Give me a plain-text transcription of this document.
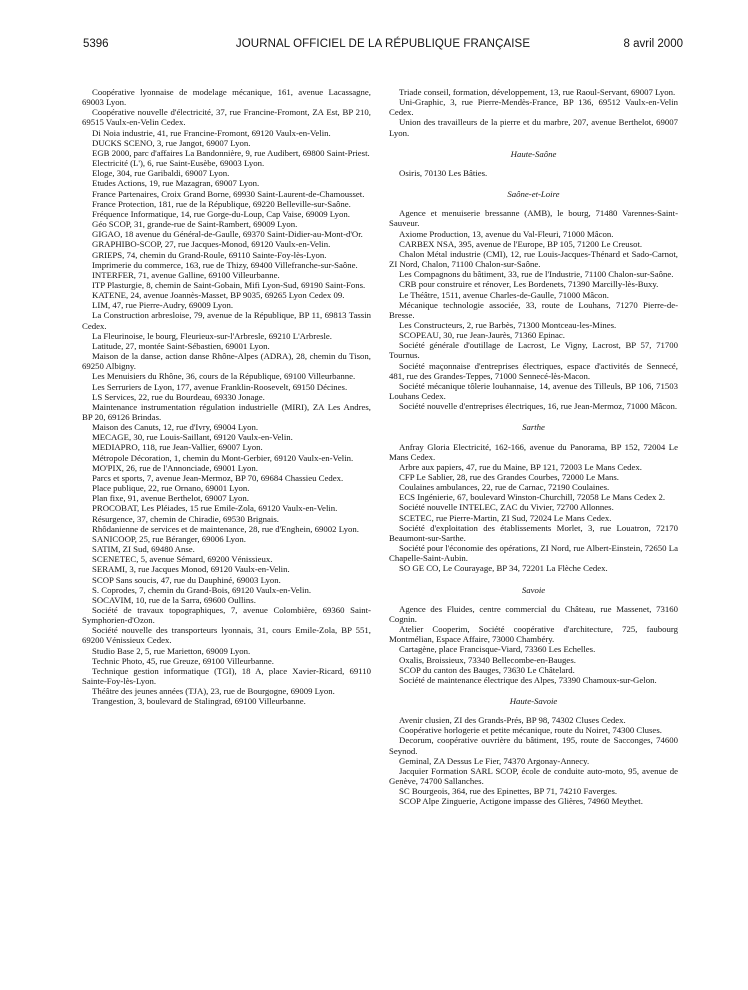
5396	JOURNAL OFFICIEL DE LA RÉPUBLIQUE FRANÇAISE	8 avril 2000

Coopérative lyonnaise de modelage mécanique, 161, avenue Lacassagne, 69003 Lyon.

Coopérative nouvelle d'électricité, 37, rue Francine-Fromont, ZA Est, BP 210, 69515 Vaulx-en-Velin Cedex.

Di Noia industrie, 41, rue Francine-Fromont, 69120 Vaulx-en-Velin.

DUCKS SCENO, 3, rue Jangot, 69007 Lyon.

EGB 2000, parc d'affaires La Bandonnière, 9, rue Audibert, 69800 Saint-Priest.

Electricité (L'), 6, rue Saint-Eusèbe, 69003 Lyon.

Eloge, 304, rue Garibaldi, 69007 Lyon.

Etudes Actions, 19, rue Mazagran, 69007 Lyon.

France Partenaires, Croix Grand Borne, 69930 Saint-Laurent-de-Chamousset.

France Protection, 181, rue de la République, 69220 Belleville-sur-Saône.

Fréquence Informatique, 14, rue Gorge-du-Loup, Cap Vaise, 69009 Lyon.

Géo SCOP, 31, grande-rue de Saint-Rambert, 69009 Lyon.

GIGAO, 18 avenue du Général-de-Gaulle, 69370 Saint-Didier-au-Mont-d'Or.

GRAPHIBO-SCOP, 27, rue Jacques-Monod, 69120 Vaulx-en-Velin.

GRIEPS, 74, chemin du Grand-Roule, 69110 Sainte-Foy-lès-Lyon.

Imprimerie du commerce, 163, rue de Thizy, 69400 Villefranche-sur-Saône.

INTERFER, 71, avenue Galline, 69100 Villeurbanne.

ITP Plasturgie, 8, chemin de Saint-Gobain, Mifi Lyon-Sud, 69190 Saint-Fons.

KATENE, 24, avenue Joannès-Masset, BP 9035, 69265 Lyon Cedex 09.

LIM, 47, rue Pierre-Audry, 69009 Lyon.

La Construction arbresloise, 79, avenue de la République, BP 11, 69813 Tassin Cedex.

La Fleurinoise, le bourg, Fleurieux-sur-l'Arbresle, 69210 L'Arbresle.

Latitude, 27, montée Saint-Sébastien, 69001 Lyon.

Maison de la danse, action danse Rhône-Alpes (ADRA), 28, chemin du Tison, 69250 Albigny.

Les Menuisiers du Rhône, 36, cours de la République, 69100 Villeurbanne.

Les Serruriers de Lyon, 177, avenue Franklin-Roosevelt, 69150 Décines.

LS Services, 22, rue du Bourdeau, 69330 Jonage.

Maintenance instrumentation régulation industrielle (MIRI), ZA Les Andres, BP 20, 69126 Brindas.

Maison des Canuts, 12, rue d'Ivry, 69004 Lyon.

MECAGE, 30, rue Louis-Saillant, 69120 Vaulx-en-Velin.

MEDIAPRO, 118, rue Jean-Vallier, 69007 Lyon.

Métropole Décoration, 1, chemin du Mont-Gerbier, 69120 Vaulx-en-Velin.

MO'PIX, 26, rue de l'Annonciade, 69001 Lyon.

Parcs et sports, 7, avenue Jean-Mermoz, BP 70, 69684 Chassieu Cedex.

Place publique, 22, rue Ornano, 69001 Lyon.

Plan fixe, 91, avenue Berthelot, 69007 Lyon.

PROCOBAT, Les Pléiades, 15 rue Emile-Zola, 69120 Vaulx-en-Velin.

Résurgence, 37, chemin de Chiradie, 69530 Brignais.

Rhôdanienne de services et de maintenance, 28, rue d'Enghein, 69002 Lyon.

SANICOOP, 25, rue Béranger, 69006 Lyon.

SATIM, ZI Sud, 69480 Anse.

SCENETEC, 5, avenue Sémard, 69200 Vénissieux.

SERAMI, 3, rue Jacques Monod, 69120 Vaulx-en-Velin.

SCOP Sans soucis, 47, rue du Dauphiné, 69003 Lyon.

S. Coprodes, 7, chemin du Grand-Bois, 69120 Vaulx-en-Velin.

SOCAVIM, 10, rue de la Sarra, 69600 Oullins.

Société de travaux topographiques, 7, avenue Colombière, 69360 Saint-Symphorien-d'Ozon.

Société nouvelle des transporteurs lyonnais, 31, cours Emile-Zola, BP 551, 69200 Vénissieux Cedex.

Studio Base 2, 5, rue Marietton, 69009 Lyon.

Technic Photo, 45, rue Greuze, 69100 Villeurbanne.

Technique gestion informatique (TGI), 18 A, place Xavier-Ricard, 69110 Sainte-Foy-lès-Lyon.

Théâtre des jeunes années (TJA), 23, rue de Bourgogne, 69009 Lyon.

Trangestion, 3, boulevard de Stalingrad, 69100 Villeurbanne.

Triade conseil, formation, développement, 13, rue Raoul-Servant, 69007 Lyon.

Uni-Graphic, 3, rue Pierre-Mendès-France, BP 136, 69512 Vaulx-en-Velin Cedex.

Union des travailleurs de la pierre et du marbre, 207, avenue Berthelot, 69007 Lyon.

Haute-Saône

Osiris, 70130 Les Bâties.

Saône-et-Loire

Agence et menuiserie bressanne (AMB), le bourg, 71480 Varennes-Saint-Sauveur.

Axiome Production, 13, avenue du Val-Fleuri, 71000 Mâcon.

CARBEX NSA, 395, avenue de l'Europe, BP 105, 71200 Le Creusot.

Chalon Métal industrie (CMI), 12, rue Louis-Jacques-Thénard et Sado-Carnot, ZI Nord, Chalon, 71100 Chalon-sur-Saône.

Les Compagnons du bâtiment, 33, rue de l'Industrie, 71100 Chalon-sur-Saône.

CRB pour construire et rénover, Les Bordenets, 71390 Marcilly-lès-Buxy.

Le Théâtre, 1511, avenue Charles-de-Gaulle, 71000 Mâcon.

Mécanique technologie associée, 33, route de Louhans, 71270 Pierre-de-Bresse.

Les Constructeurs, 2, rue Barbès, 71300 Montceau-les-Mines.

SCOPEAU, 30, rue Jean-Jaurès, 71360 Epinac.

Société générale d'outillage de Lacrost, Le Vigny, Lacrost, BP 57, 71700 Tournus.

Société maçonnaise d'entreprises électriques, espace d'activités de Sennecé, 481, rue des Grandes-Teppes, 71000 Sennecé-lès-Macon.

Société mécanique tôlerie louhannaise, 14, avenue des Tilleuls, BP 106, 71503 Louhans Cedex.

Société nouvelle d'entreprises électriques, 16, rue Jean-Mermoz, 71000 Mâcon.

Sarthe

Anfray Gloria Electricité, 162-166, avenue du Panorama, BP 152, 72004 Le Mans Cedex.

Arbre aux papiers, 47, rue du Maine, BP 121, 72003 Le Mans Cedex.

CFP Le Sablier, 28, rue des Grandes Courbes, 72000 Le Mans.

Coulaines ambulances, 22, rue de Carnac, 72190 Coulaines.

ECS Ingénierie, 67, boulevard Winston-Churchill, 72058 Le Mans Cedex 2.

Société nouvelle INTELEC, ZAC du Vivier, 72700 Allonnes.

SCETEC, rue Pierre-Martin, ZI Sud, 72024 Le Mans Cedex.

Société d'exploitation des établissements Morlet, 3, rue Louatron, 72170 Beaumont-sur-Sarthe.

Société pour l'économie des opérations, ZI Nord, rue Albert-Einstein, 72650 La Chapelle-Saint-Aubin.

SO GE CO, Le Courayage, BP 34, 72201 La Flèche Cedex.

Savoie

Agence des Fluides, centre commercial du Château, rue Massenet, 73160 Cognin.

Atelier Cooperim, Société coopérative d'architecture, 725, faubourg Montmélian, Espace Affaire, 73000 Chambéry.

Cartagène, place Francisque-Viard, 73360 Les Echelles.

Oxalis, Broissieux, 73340 Bellecombe-en-Bauges.

SCOP du canton des Bauges, 73630 Le Châtelard.

Société de maintenance électrique des Alpes, 73390 Chamoux-sur-Gelon.

Haute-Savoie

Avenir clusien, ZI des Grands-Prés, BP 98, 74302 Cluses Cedex.

Coopérative horlogerie et petite mécanique, route du Noiret, 74300 Cluses.

Decorum, coopérative ouvrière du bâtiment, 195, route de Sacconges, 74600 Seynod.

Geminal, ZA Dessus Le Fier, 74370 Argonay-Annecy.

Jacquier Formation SARL SCOP, école de conduite auto-moto, 95, avenue de Genève, 74700 Sallanches.

SC Bourgeois, 364, rue des Epinettes, BP 71, 74210 Faverges.

SCOP Alpe Zinguerie, Actigone impasse des Glières, 74960 Meythet.
